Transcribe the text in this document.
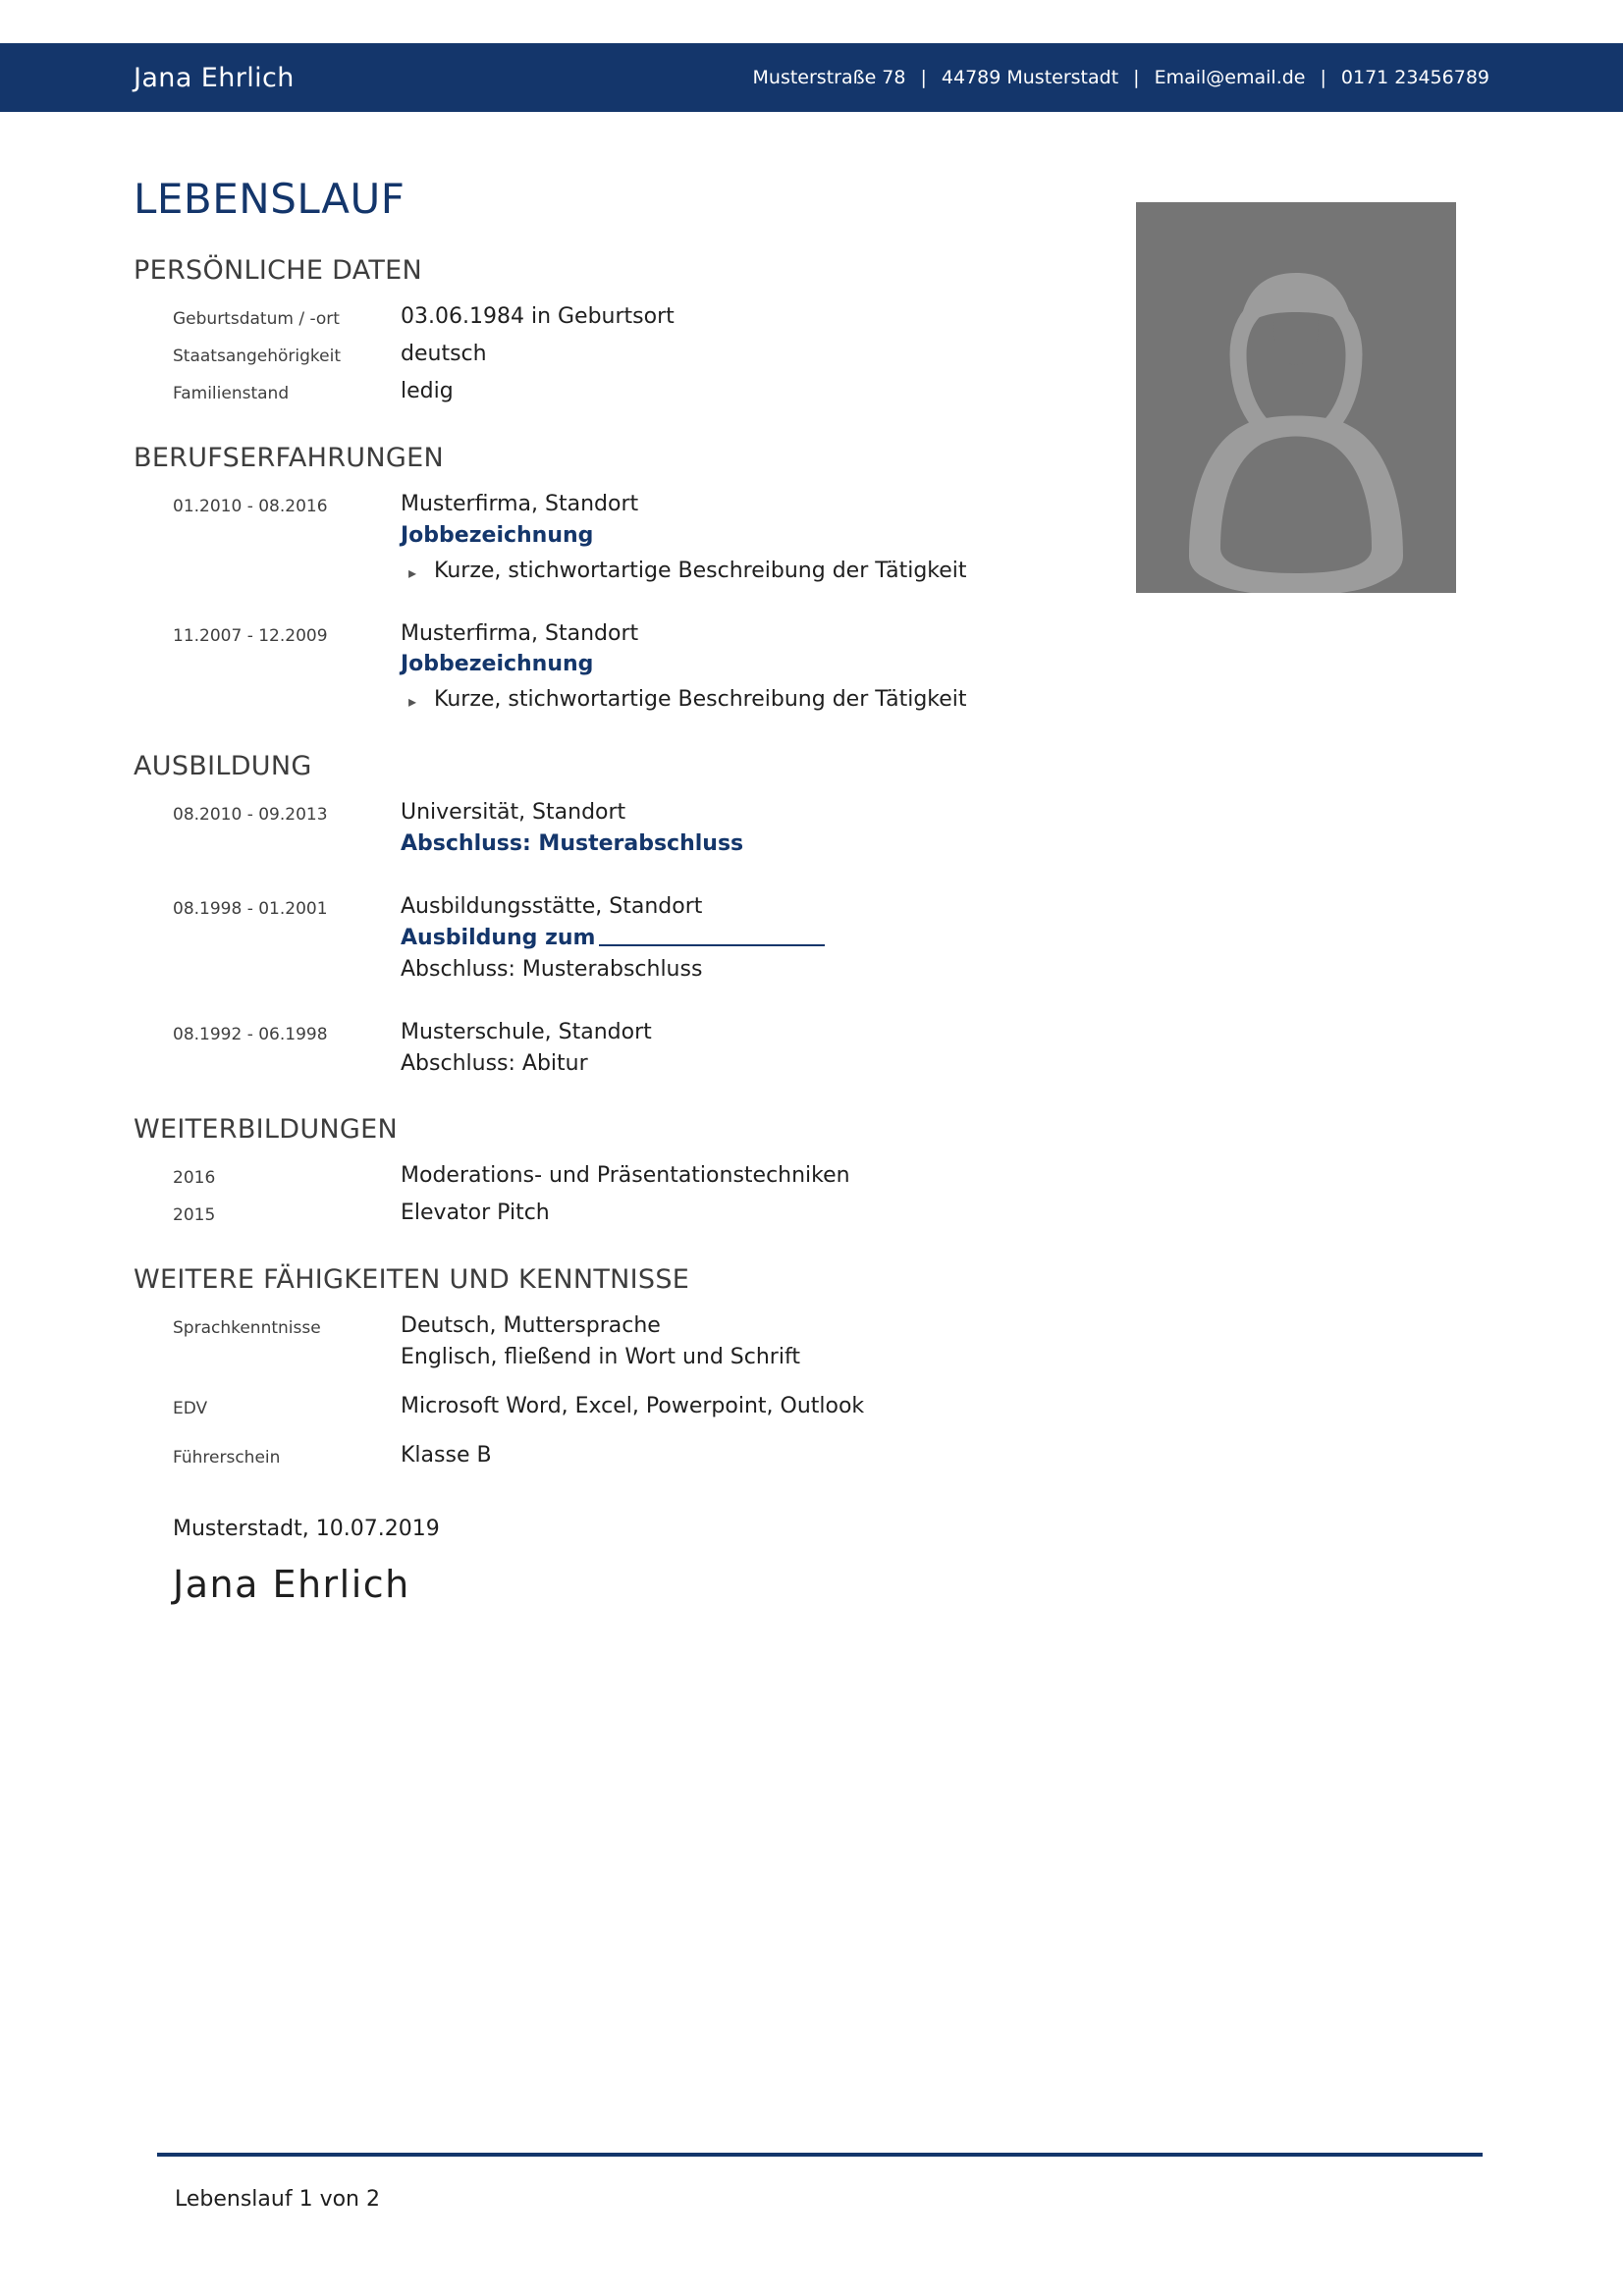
Jana Ehrlich	Musterstraße 78 | 44789 Musterstadt | Email@email.de | 0171 23456789
LEBENSLAUF
PERSÖNLICHE DATEN
Geburtsdatum / -ort	03.06.1984 in Geburtsort
Staatsangehörigkeit	deutsch
Familienstand	ledig
BERUFSERFAHRUNGEN
01.2010 - 08.2016	Musterfirma, Standort
Jobbezeichnung
▸ Kurze, stichwortartige Beschreibung der Tätigkeit
11.2007 - 12.2009	Musterfirma, Standort
Jobbezeichnung
▸ Kurze, stichwortartige Beschreibung der Tätigkeit
AUSBILDUNG
08.2010 - 09.2013	Universität, Standort
Abschluss: Musterabschluss
08.1998 - 01.2001	Ausbildungsstätte, Standort
Ausbildung zum
Abschluss: Musterabschluss
08.1992 - 06.1998	Musterschule, Standort
Abschluss: Abitur
WEITERBILDUNGEN
2016	Moderations- und Präsentationstechniken
2015	Elevator Pitch
WEITERE FÄHIGKEITEN UND KENNTNISSE
Sprachkenntnisse	Deutsch, Muttersprache
Englisch, fließend in Wort und Schrift
EDV	Microsoft Word, Excel, Powerpoint, Outlook
Führerschein	Klasse B
Musterstadt, 10.07.2019
Jana Ehrlich
Lebenslauf 1 von 2
